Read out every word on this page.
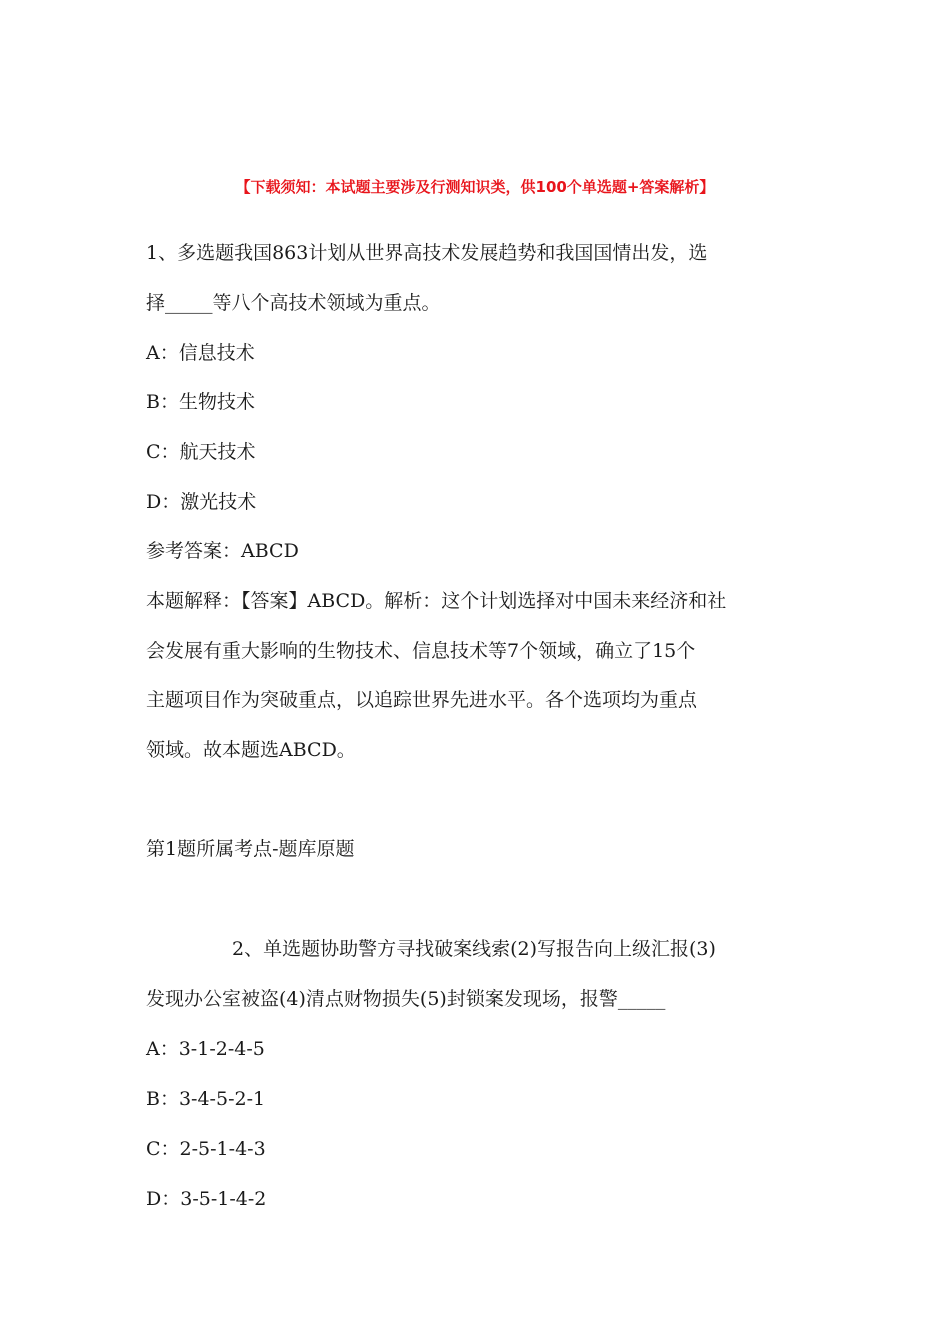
【下载须知：本试题主要涉及行测知识类，供100个单选题+答案解析】
1、多选题我国863计划从世界高技术发展趋势和我国国情出发，选
择_____等八个高技术领域为重点。
A：信息技术
B：生物技术
C：航天技术
D：激光技术
参考答案：ABCD
本题解释：【答案】ABCD。解析：这个计划选择对中国未来经济和社
会发展有重大影响的生物技术、信息技术等7个领域，确立了15个
主题项目作为突破重点，以追踪世界先进水平。各个选项均为重点
领域。故本题选ABCD。
第1题所属考点-题库原题
2、单选题协助警方寻找破案线索(2)写报告向上级汇报(3)
发现办公室被盗(4)清点财物损失(5)封锁案发现场，报警_____
A：3-1-2-4-5
B：3-4-5-2-1
C：2-5-1-4-3
D：3-5-1-4-2
